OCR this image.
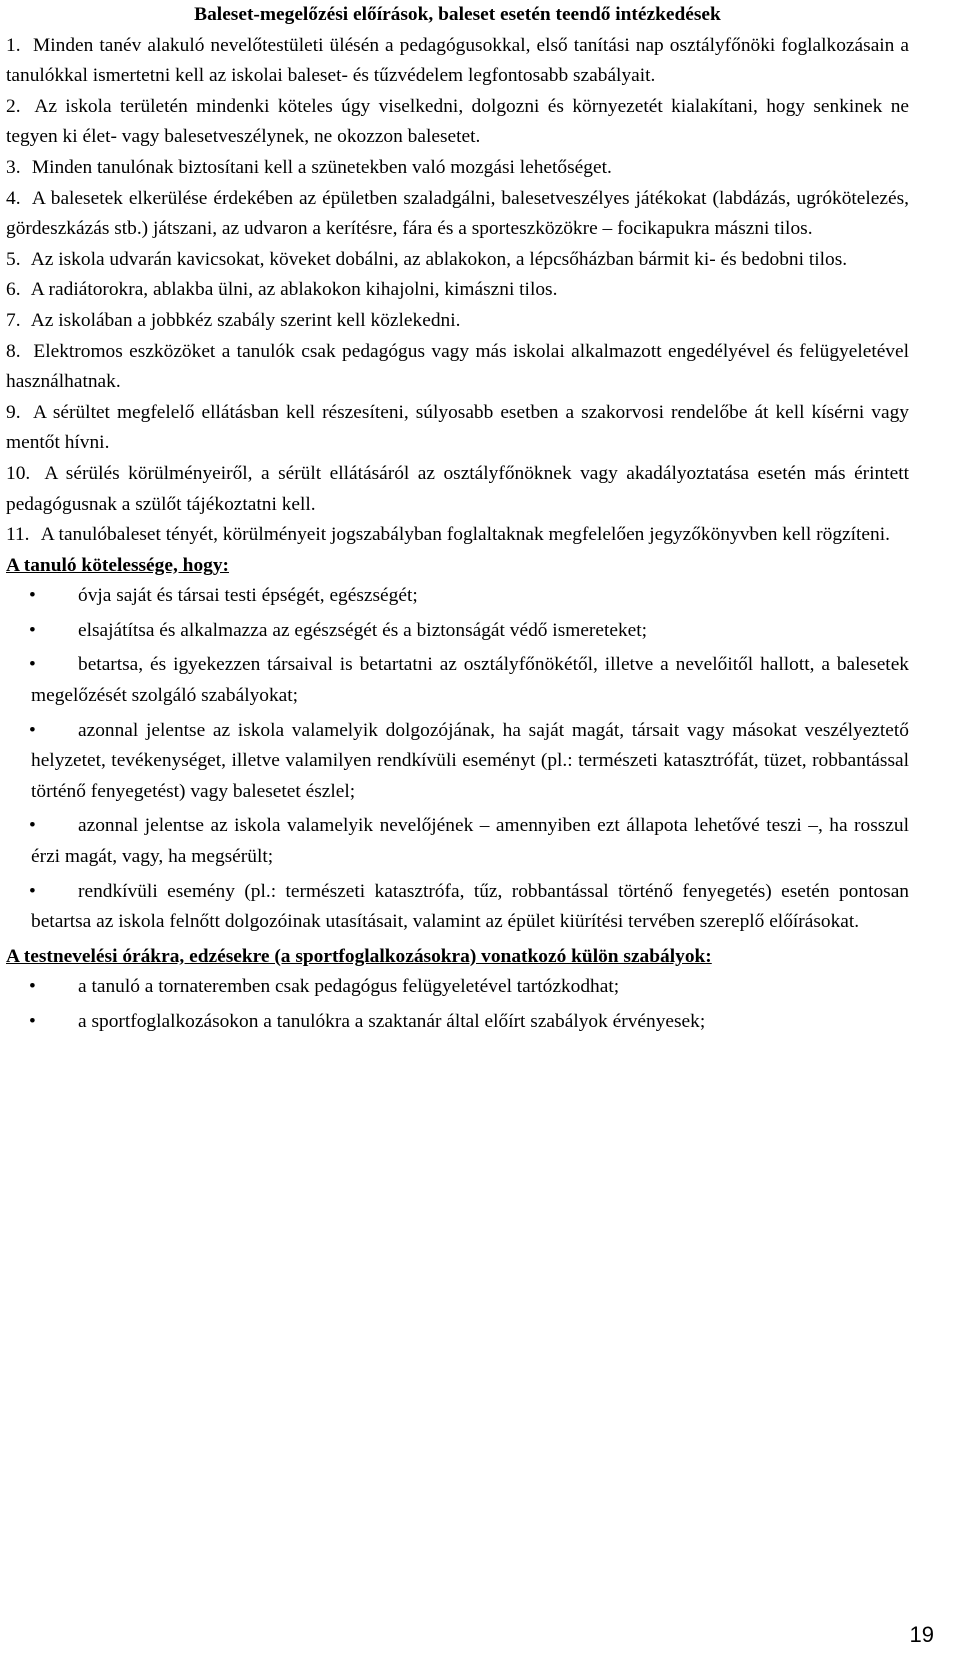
Baleset-megelőzési előírások, baleset esetén teendő intézkedések

1. Minden tanév alakuló nevelőtestületi ülésén a pedagógusokkal, első tanítási nap osztályfőnöki foglalkozásain a tanulókkal ismertetni kell az iskolai baleset- és tűzvédelem legfontosabb szabályait.

2. Az iskola területén mindenki köteles úgy viselkedni, dolgozni és környezetét kialakítani, hogy senkinek ne tegyen ki élet- vagy balesetveszélynek, ne okozzon balesetet.

3. Minden tanulónak biztosítani kell a szünetekben való mozgási lehetőséget.

4. A balesetek elkerülése érdekében az épületben szaladgálni, balesetveszélyes játékokat (labdázás, ugrókötelezés, gördeszkázás stb.) játszani, az udvaron a kerítésre, fára és a sporteszközökre – focikapukra mászni tilos.

5. Az iskola udvarán kavicsokat, köveket dobálni, az ablakokon, a lépcsőházban bármit ki- és bedobni tilos.

6. A radiátorokra, ablakba ülni, az ablakokon kihajolni, kimászni tilos.

7. Az iskolában a jobbkéz szabály szerint kell közlekedni.

8. Elektromos eszközöket a tanulók csak pedagógus vagy más iskolai alkalmazott engedélyével és felügyeletével használhatnak.

9. A sérültet megfelelő ellátásban kell részesíteni, súlyosabb esetben a szakorvosi rendelőbe át kell kísérni vagy mentőt hívni.

10. A sérülés körülményeiről, a sérült ellátásáról az osztályfőnöknek vagy akadályoztatása esetén más érintett pedagógusnak a szülőt tájékoztatni kell.

11. A tanulóbaleset tényét, körülményeit jogszabályban foglaltaknak megfelelően jegyzőkönyvben kell rögzíteni.

A tanuló kötelessége, hogy:
• óvja saját és társai testi épségét, egészségét;
• elsajátítsa és alkalmazza az egészségét és a biztonságát védő ismereteket;
• betartsa, és igyekezzen társaival is betartatni az osztályfőnökétől, illetve a nevelőitől hallott, a balesetek megelőzését szolgáló szabályokat;
• azonnal jelentse az iskola valamelyik dolgozójának, ha saját magát, társait vagy másokat veszélyeztető helyzetet, tevékenységet, illetve valamilyen rendkívüli eseményt (pl.: természeti katasztrófát, tüzet, robbantással történő fenyegetést) vagy balesetet észlel;
• azonnal jelentse az iskola valamelyik nevelőjének – amennyiben ezt állapota lehetővé teszi –, ha rosszul érzi magát, vagy, ha megsérült;
• rendkívüli esemény (pl.: természeti katasztrófa, tűz, robbantással történő fenyegetés) esetén pontosan betartsa az iskola felnőtt dolgozóinak utasításait, valamint az épület kiürítési tervében szereplő előírásokat.
A testnevelési órákra, edzésekre (a sportfoglalkozásokra) vonatkozó külön szabályok:
• a tanuló a tornateremben csak pedagógus felügyeletével tartózkodhat;
• a sportfoglalkozásokon a tanulókra a szaktanár által előírt szabályok érvényesek;
19
